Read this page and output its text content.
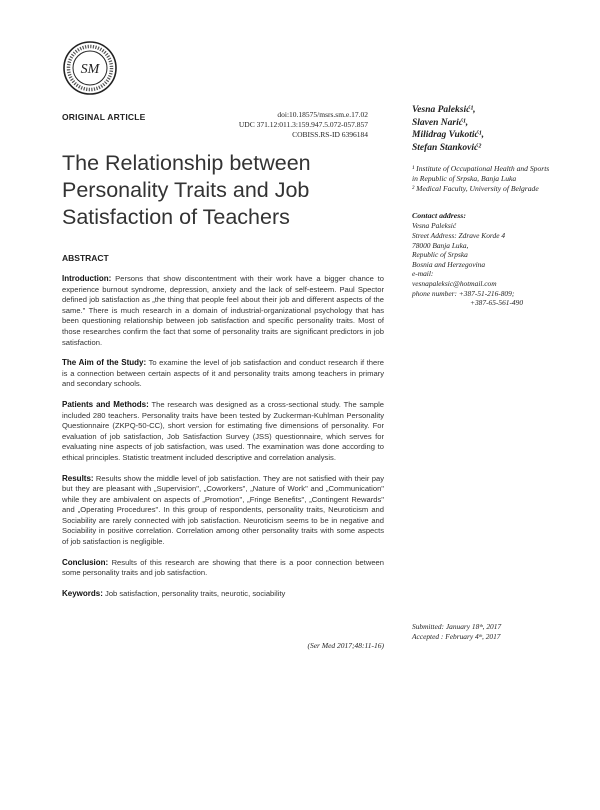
SM
ORIGINAL ARTICLE	doi:10.18575/msrs.sm.e.17.02
UDC 371.12:011.3:159.947.5.072-057.857
COBISS.RS-ID 6396184
The Relationship between Personality Traits and Job Satisfaction of Teachers
ABSTRACT

Introduction: Persons that show discontentment with their work have a bigger chance to experience burnout syndrome, depression, anxiety and the lack of self-esteem. Paul Spector defined job satisfaction as „the thing that people feel about their job and different aspects of the same." There is much research in a domain of industrial-organizational psychology that has been questioning relationship between job satisfaction and specific personality traits. Most of those researches confirm the fact that some of personality traits are significant predictors in job satisfaction.

The Aim of the Study: To examine the level of job satisfaction and conduct research if there is a connection between certain aspects of it and personality traits among teachers in primary and secondary schools.

Patients and Methods: The research was designed as a cross-sectional study. The sample included 280 teachers. Personality traits have been tested by Zuckerman-Kuhlman Personality Questionnaire (ZKPQ-50-CC), short version for estimating five dimensions of personality. For evaluation of job satisfaction, Job Satisfaction Survey (JSS) questionnaire, which serves for evaluating nine aspects of job satisfaction, was used. The examination was done according to ethical principles. Statistic treatment included descriptive and correlation analysis.

Results: Results show the middle level of job satisfaction. They are not satisfied with their pay but they are pleasant with „Supervision", „Coworkers", „Nature of Work" and „Communication" while they are ambivalent on aspects of „Promotion", „Fringe Benefits", „Contingent Rewards" and „Operating Procedures". In this group of respondents, personality traits, Neuroticism and Sociability are rarely connected with job satisfaction. Neuroticism seems to be in negative and Sociability in positive correlation. Correlation among other personality traits with some aspects of job satisfaction is negligible.

Conclusion: Results of this research are showing that there is a poor connection between some personality traits and job satisfaction.

Keywords: Job satisfaction, personality traits, neurotic, sociability

(Ser Med 2017;48:11-16)
Vesna Paleksić¹,
Slaven Narić¹,
Milidrag Vukotić¹,
Stefan Stanković²
¹ Institute of Occupational Health and Sports in Republic of Srpska, Banja Luka
² Medical Faculty, University of Belgrade
Contact address:
Vesna Paleksić
Street Address: Zdrave Korde 4
78000 Banja Luka,
Republic of Srpska
Bosnia and Herzegovina
e-mail:
vesnapaleksic@hotmail.com
phone number: +387-51-216-809;
+387-65-561-490
Submitted: January 18ᵗʰ, 2017
Accepted : February 4ᵗʰ, 2017
